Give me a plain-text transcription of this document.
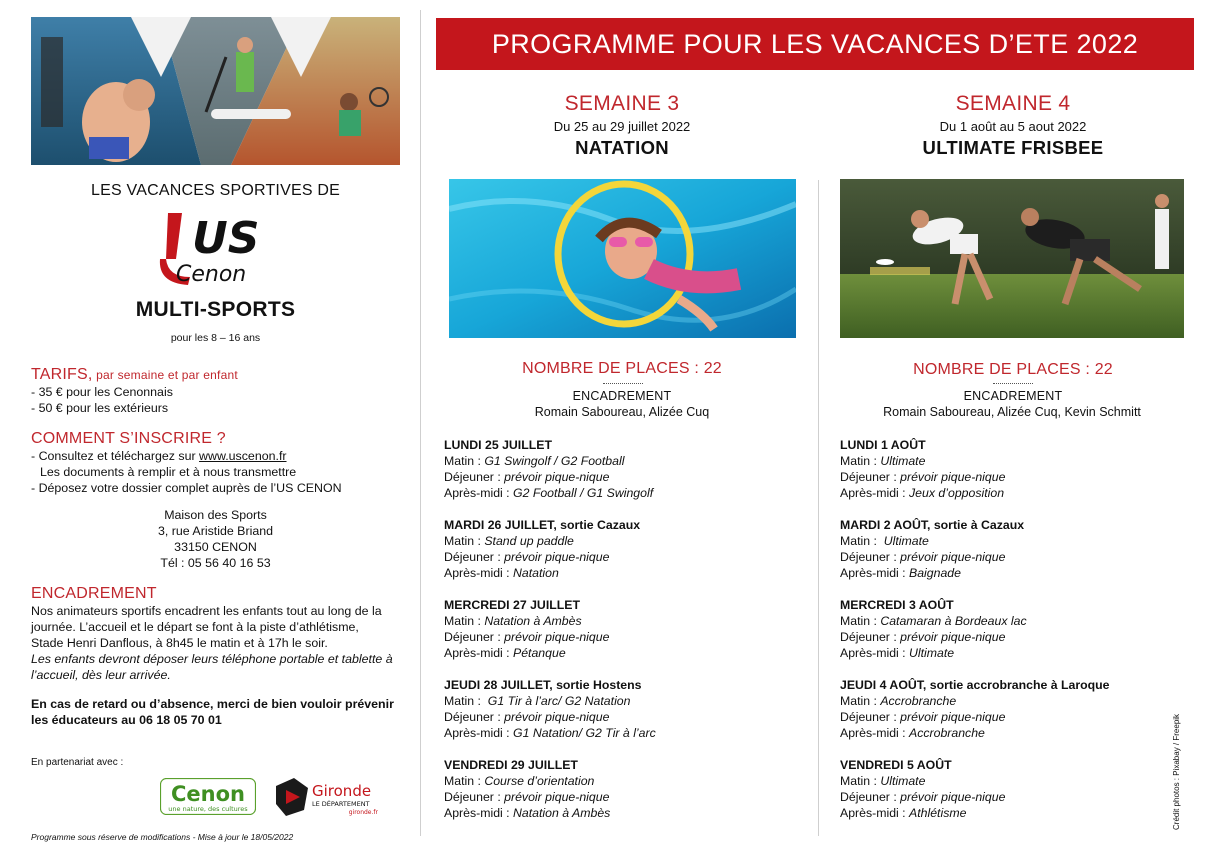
LES VACANCES SPORTIVES DE
US
Cenon
MULTI-SPORTS
pour les 8 – 16 ans
TARIFS, par semaine et par enfant
- 35 € pour les Cenonnais
- 50 € pour les extérieurs
COMMENT S’INSCRIRE ?
- Consultez et téléchargez sur www.uscenon.fr
Les documents à remplir et à nous transmettre
- Déposez votre dossier complet auprès de l’US CENON
Maison des Sports
3, rue Aristide Briand
33150 CENON
Tél : 05 56 40 16 53
ENCADREMENT
Nos animateurs sportifs encadrent les enfants tout au long de la
journée. L’accueil et le départ se font à la piste d’athlétisme,
Stade Henri Danflous, à 8h45 le matin et à 17h le soir.
Les enfants devront déposer leurs téléphone portable et tablette à
l’accueil, dès leur arrivée.
En cas de retard ou d’absence, merci de bien vouloir prévenir
les éducateurs au 06 18 05 70 01
En partenariat avec :
Cenon
une nature, des cultures
Gironde
LE DÉPARTEMENT
gironde.fr
Programme sous réserve de modifications - Mise à jour le 18/05/2022
PROGRAMME POUR LES VACANCES D’ETE 2022
SEMAINE 3
Du 25 au 29 juillet 2022
NATATION
NOMBRE DE PLACES : 22
ENCADREMENT
Romain Saboureau, Alizée Cuq
LUNDI 25 JUILLET
Matin : G1 Swingolf / G2 Football
Déjeuner : prévoir pique-nique
Après-midi : G2 Football / G1 Swingolf
MARDI 26 JUILLET, sortie Cazaux
Matin : Stand up paddle
Déjeuner : prévoir pique-nique
Après-midi : Natation
MERCREDI 27 JUILLET
Matin : Natation à Ambès
Déjeuner : prévoir pique-nique
Après-midi : Pétanque
JEUDI 28 JUILLET, sortie Hostens
Matin :  G1 Tir à l’arc/ G2 Natation
Déjeuner : prévoir pique-nique
Après-midi : G1 Natation/ G2 Tir à l’arc
VENDREDI 29 JUILLET
Matin : Course d’orientation
Déjeuner : prévoir pique-nique
Après-midi : Natation à Ambès
SEMAINE 4
Du 1 août au 5 aout 2022
ULTIMATE FRISBEE
NOMBRE DE PLACES : 22
ENCADREMENT
Romain Saboureau, Alizée Cuq, Kevin Schmitt
LUNDI 1 AOÛT
Matin : Ultimate
Déjeuner : prévoir pique-nique
Après-midi : Jeux d’opposition
MARDI 2 AOÛT, sortie à Cazaux
Matin :  Ultimate
Déjeuner : prévoir pique-nique
Après-midi : Baignade
MERCREDI 3 AOÛT
Matin : Catamaran à Bordeaux lac
Déjeuner : prévoir pique-nique
Après-midi : Ultimate
JEUDI 4 AOÛT, sortie accrobranche à Laroque
Matin : Accrobranche
Déjeuner : prévoir pique-nique
Après-midi : Accrobranche
VENDREDI 5 AOÛT
Matin : Ultimate
Déjeuner : prévoir pique-nique
Après-midi : Athlétisme	Crédit photos : Pixabay / Freepik
